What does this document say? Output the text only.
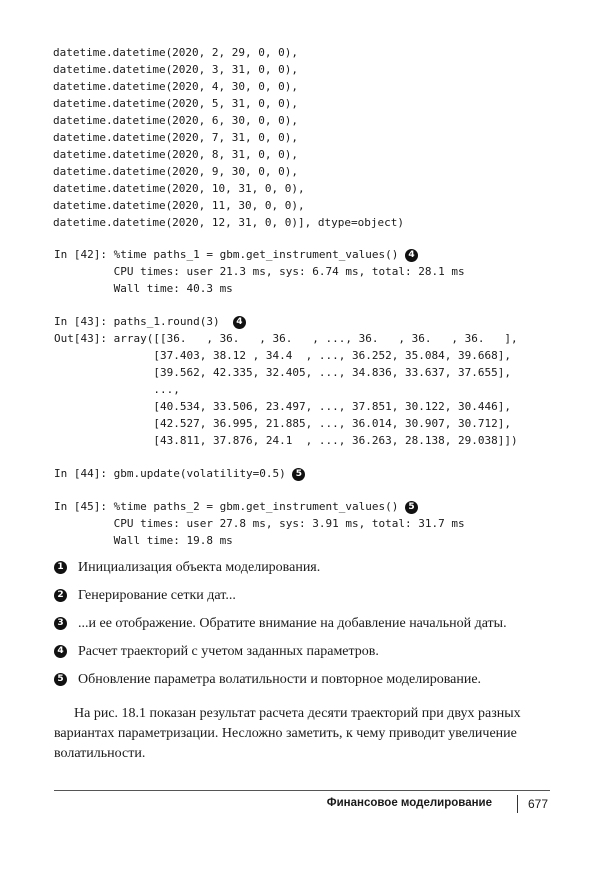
datetime.datetime(2020, 2, 29, 0, 0),

datetime.datetime(2020, 3, 31, 0, 0),

datetime.datetime(2020, 4, 30, 0, 0),

datetime.datetime(2020, 5, 31, 0, 0),

datetime.datetime(2020, 6, 30, 0, 0),

datetime.datetime(2020, 7, 31, 0, 0),

datetime.datetime(2020, 8, 31, 0, 0),

datetime.datetime(2020, 9, 30, 0, 0),

datetime.datetime(2020, 10, 31, 0, 0),

datetime.datetime(2020, 11, 30, 0, 0),

datetime.datetime(2020, 12, 31, 0, 0)], dtype=object)

In [42]: %time paths_1 = gbm.get_instrument_values() 4

CPU times: user 21.3 ms, sys: 6.74 ms, total: 28.1 ms

Wall time: 40.3 ms

In [43]: paths_1.round(3) 4

Out[43]: array([[36.   , 36.   , 36.   , ..., 36.   , 36.   , 36.   ],

[37.403, 38.12 , 34.4  , ..., 36.252, 35.084, 39.668],

[39.562, 42.335, 32.405, ..., 34.836, 33.637, 37.655],

...,

[40.534, 33.506, 23.497, ..., 37.851, 30.122, 30.446],

[42.527, 36.995, 21.885, ..., 36.014, 30.907, 30.712],

[43.811, 37.876, 24.1  , ..., 36.263, 28.138, 29.038]])

In [44]: gbm.update(volatility=0.5) 5

In [45]: %time paths_2 = gbm.get_instrument_values() 5

CPU times: user 27.8 ms, sys: 3.91 ms, total: 31.7 ms

Wall time: 19.8 ms

1 Инициализация объекта моделирования.
2 Генерирование сетки дат...
3 ...и ее отображение. Обратите внимание на добавление начальной даты.
4 Расчет траекторий с учетом заданных параметров.
5 Обновление параметра волатильности и повторное моделирование.

На рис. 18.1 показан результат расчета десяти траекторий при двух разных вариантах параметризации. Несложно заметить, к чему приводит увеличение волатильности.

Финансовое моделирование	677
